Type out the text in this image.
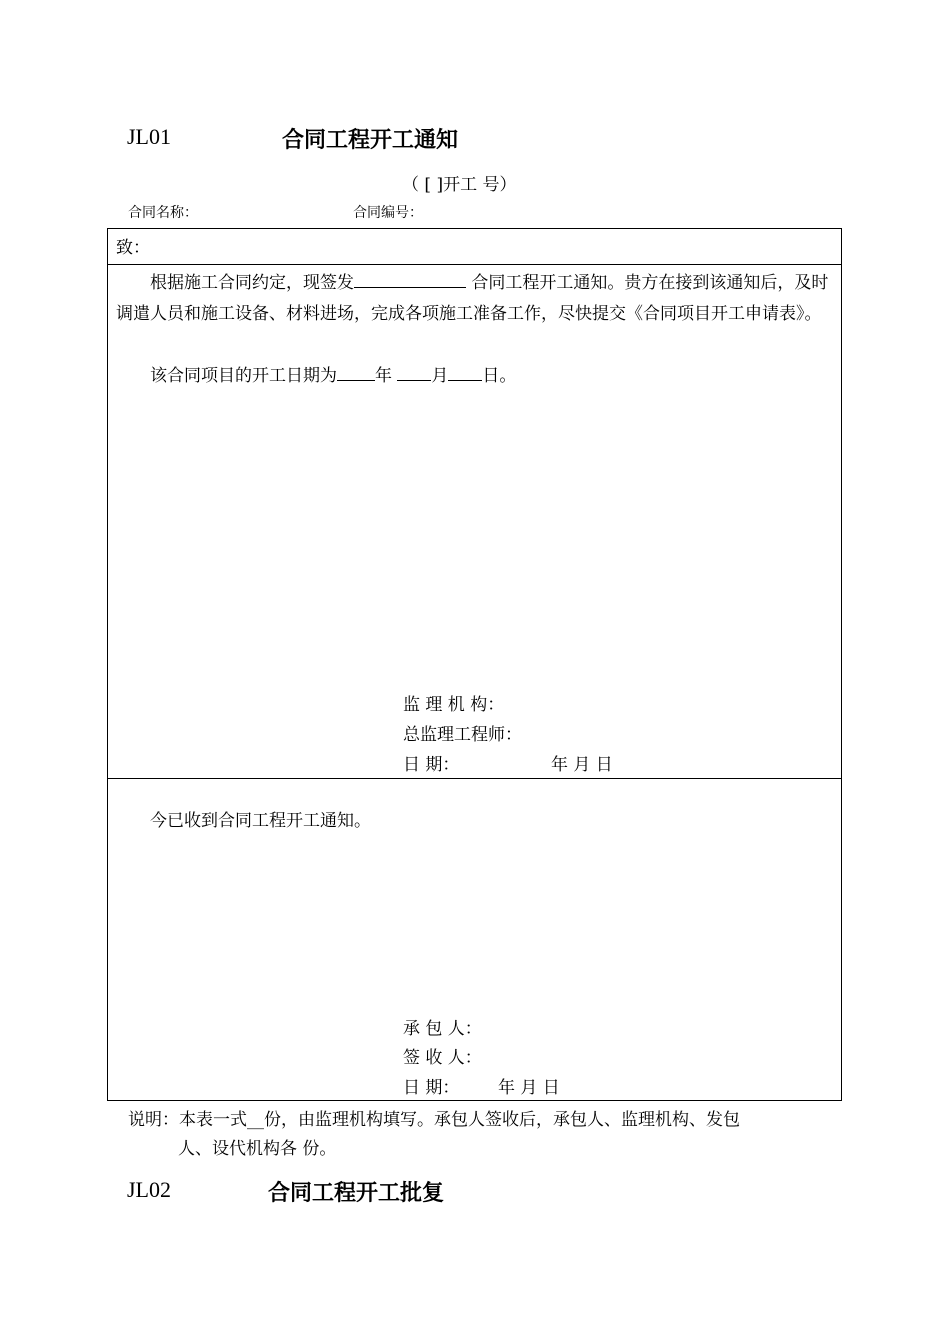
JL01	合同工程开工通知
（ [ ]开工 号）
合同名称：	合同编号：
致：
根据施工合同约定，现签发	合同工程开工通知。贵方在接到该通知后，及时调遣人员和施工设备、材料进场，完成各项施工准备工作，尽快提交《合同项目开工申请表》。
该合同项目的开工日期为 年 月 日。
监 理 机 构：
总监理工程师：
日 期：	年 月 日
今已收到合同工程开工通知。
承 包 人：
签 收 人：
日 期： 年 月 日
说明：本表一式__份，由监理机构填写。承包人签收后，承包人、监理机构、发包
人、设代机构各 份。
JL02	合同工程开工批复
